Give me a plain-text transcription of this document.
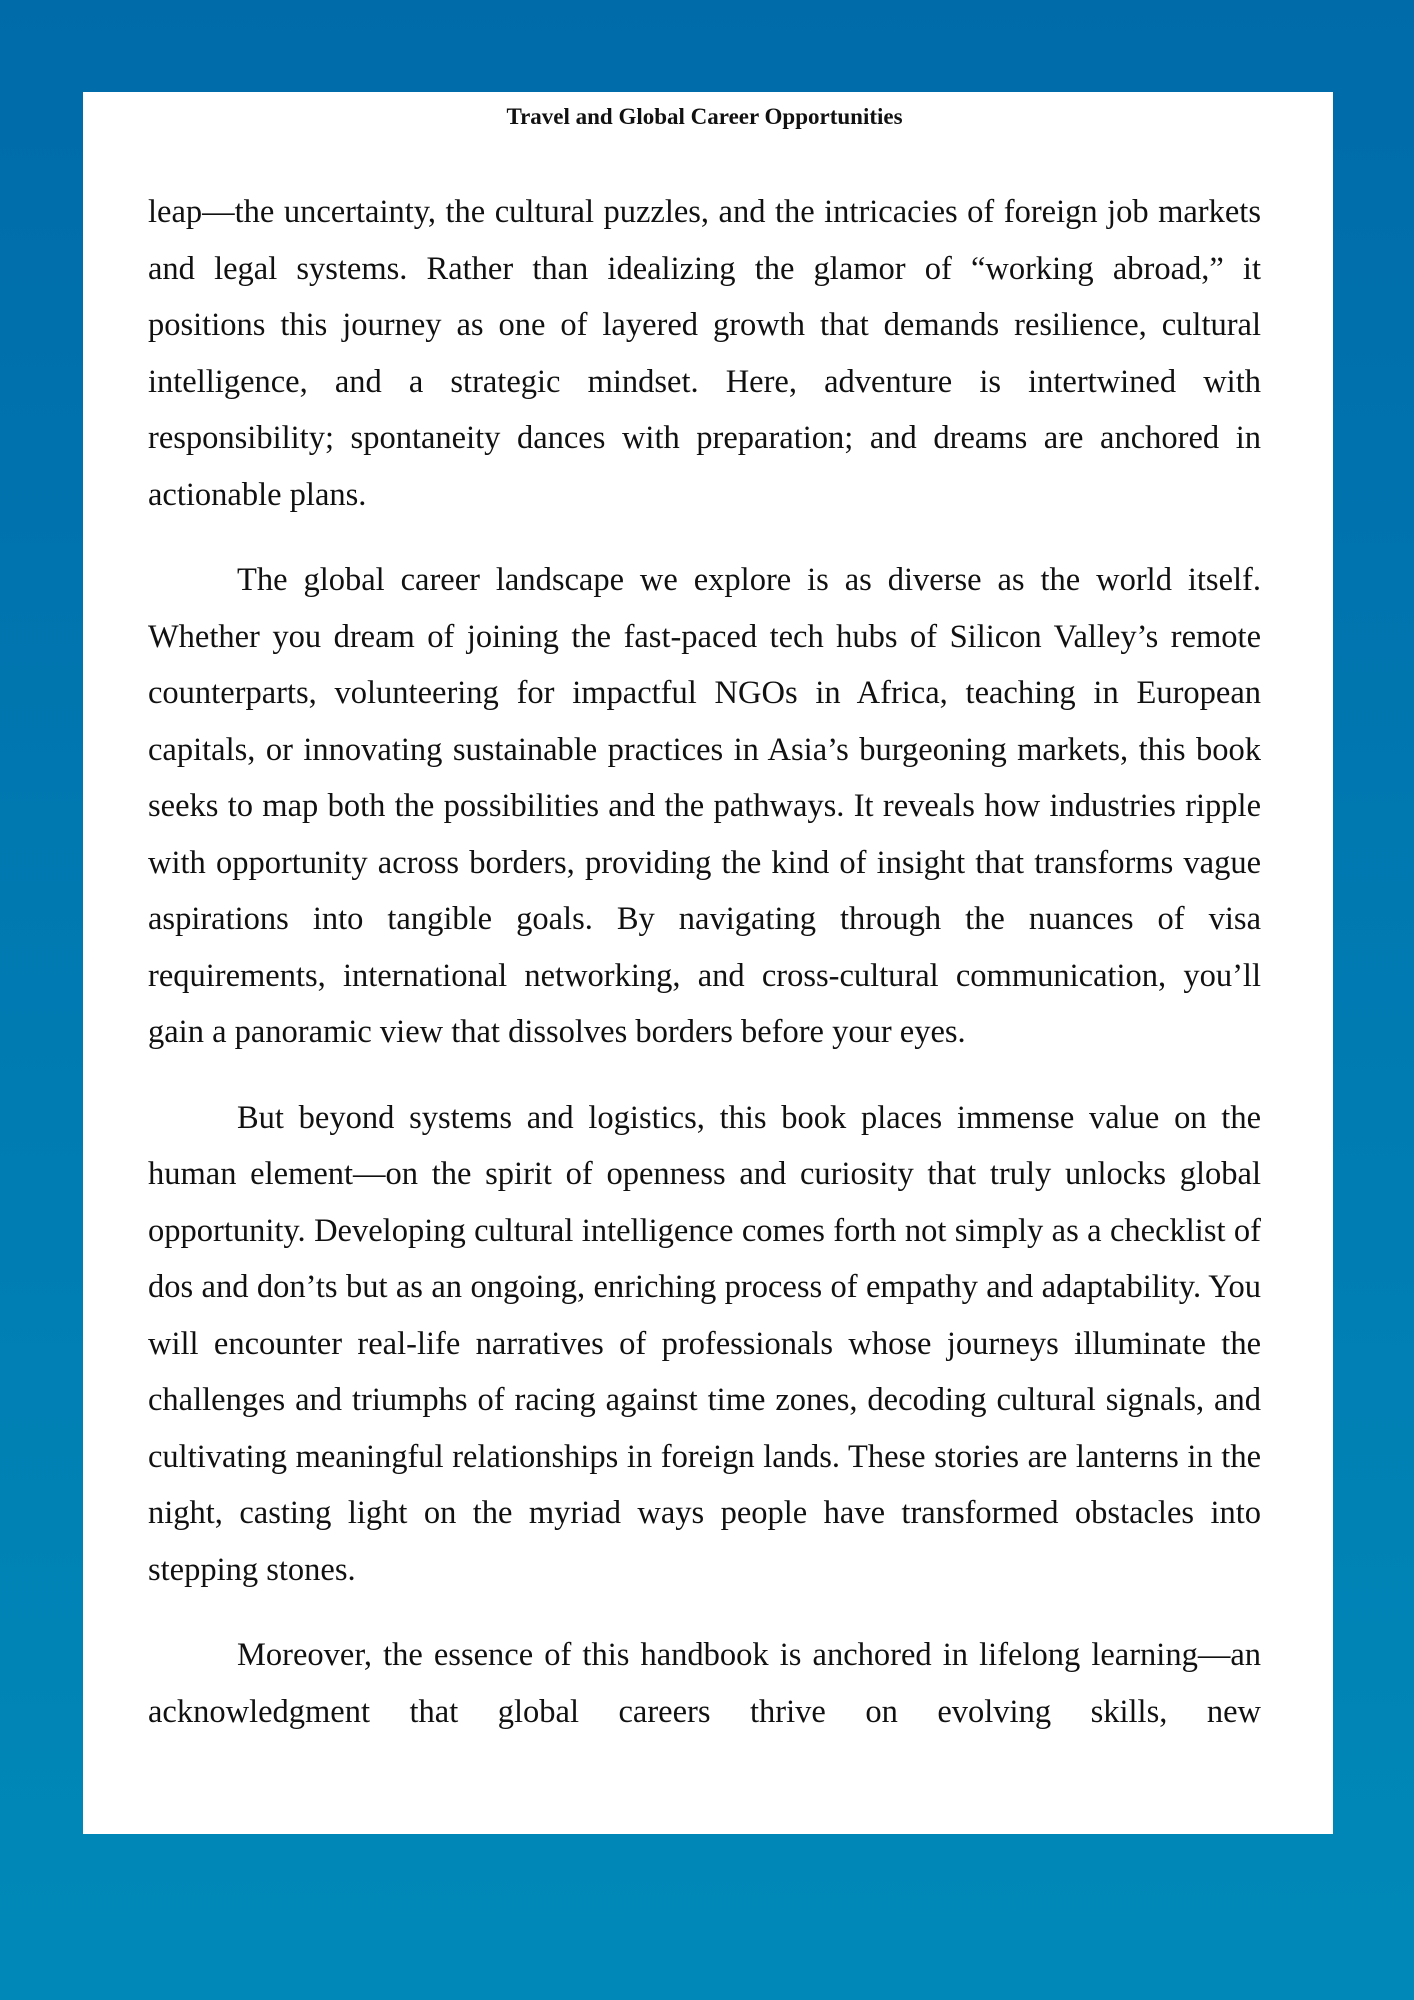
Travel and Global Career Opportunities

leap—the uncertainty, the cultural puzzles, and the intricacies of foreign job markets and legal systems. Rather than idealizing the glamor of “working abroad,” it positions this journey as one of layered growth that demands resilience, cultural intelligence, and a strategic mindset. Here, adventure is intertwined with responsibility; spontaneity dances with preparation; and dreams are anchored in actionable plans.

The global career landscape we explore is as diverse as the world itself. Whether you dream of joining the fast-paced tech hubs of Silicon Valley’s remote counterparts, volunteering for impactful NGOs in Africa, teaching in European capitals, or innovating sustainable practices in Asia’s burgeoning markets, this book seeks to map both the possibilities and the pathways. It reveals how industries ripple with opportunity across borders, providing the kind of insight that transforms vague aspirations into tangible goals. By navigating through the nuances of visa requirements, international networking, and cross-cultural communication, you’ll gain a panoramic view that dissolves borders before your eyes.

But beyond systems and logistics, this book places immense value on the human element—on the spirit of openness and curiosity that truly unlocks global opportunity. Developing cultural intelligence comes forth not simply as a checklist of dos and don’ts but as an ongoing, enriching process of empathy and adaptability. You will encounter real-life narratives of professionals whose journeys illuminate the challenges and triumphs of racing against time zones, decoding cultural signals, and cultivating meaningful relationships in foreign lands. These stories are lanterns in the night, casting light on the myriad ways people have transformed obstacles into stepping stones.

Moreover, the essence of this handbook is anchored in lifelong learning—an acknowledgment that global careers thrive on evolving skills, new
